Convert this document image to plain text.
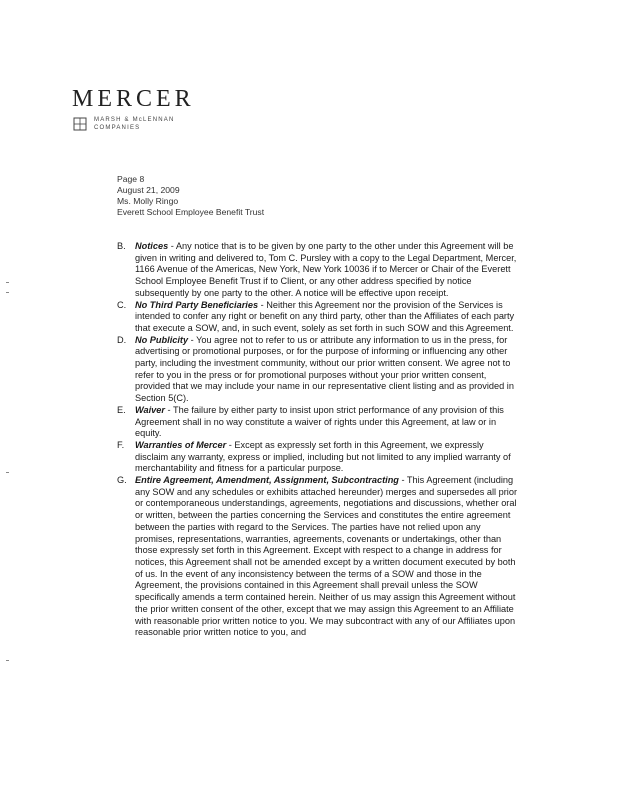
MERCER
MARSH & McLENNAN
COMPANIES
Page 8
August 21, 2009
Ms. Molly Ringo
Everett School Employee Benefit Trust
B. Notices - Any notice that is to be given by one party to the other under this Agreement will be given in writing and delivered to, Tom C. Pursley with a copy to the Legal Department, Mercer, 1166 Avenue of the Americas, New York, New York 10036 if to Mercer or Chair of the Everett School Employee Benefit Trust if to Client, or any other address specified by notice subsequently by one party to the other. A notice will be effective upon receipt.
C. No Third Party Beneficiaries - Neither this Agreement nor the provision of the Services is intended to confer any right or benefit on any third party, other than the Affiliates of each party that execute a SOW, and, in such event, solely as set forth in such SOW and this Agreement.
D. No Publicity - You agree not to refer to us or attribute any information to us in the press, for advertising or promotional purposes, or for the purpose of informing or influencing any other party, including the investment community, without our prior written consent. We agree not to refer to you in the press or for promotional purposes without your prior written consent, provided that we may include your name in our representative client listing and as provided in Section 5(C).
E. Waiver - The failure by either party to insist upon strict performance of any provision of this Agreement shall in no way constitute a waiver of rights under this Agreement, at law or in equity.
F. Warranties of Mercer - Except as expressly set forth in this Agreement, we expressly disclaim any warranty, express or implied, including but not limited to any implied warranty of merchantability and fitness for a particular purpose.
G. Entire Agreement, Amendment, Assignment, Subcontracting - This Agreement (including any SOW and any schedules or exhibits attached hereunder) merges and supersedes all prior or contemporaneous understandings, agreements, negotiations and discussions, whether oral or written, between the parties concerning the Services and constitutes the entire agreement between the parties with regard to the Services. The parties have not relied upon any promises, representations, warranties, agreements, covenants or undertakings, other than those expressly set forth in this Agreement. Except with respect to a change in address for notices, this Agreement shall not be amended except by a written document executed by both of us. In the event of any inconsistency between the terms of a SOW and those in the Agreement, the provisions contained in this Agreement shall prevail unless the SOW specifically amends a term contained herein. Neither of us may assign this Agreement without the prior written consent of the other, except that we may assign this Agreement to an Affiliate with reasonable prior written notice to you. We may subcontract with any of our Affiliates upon reasonable prior written notice to you, and
